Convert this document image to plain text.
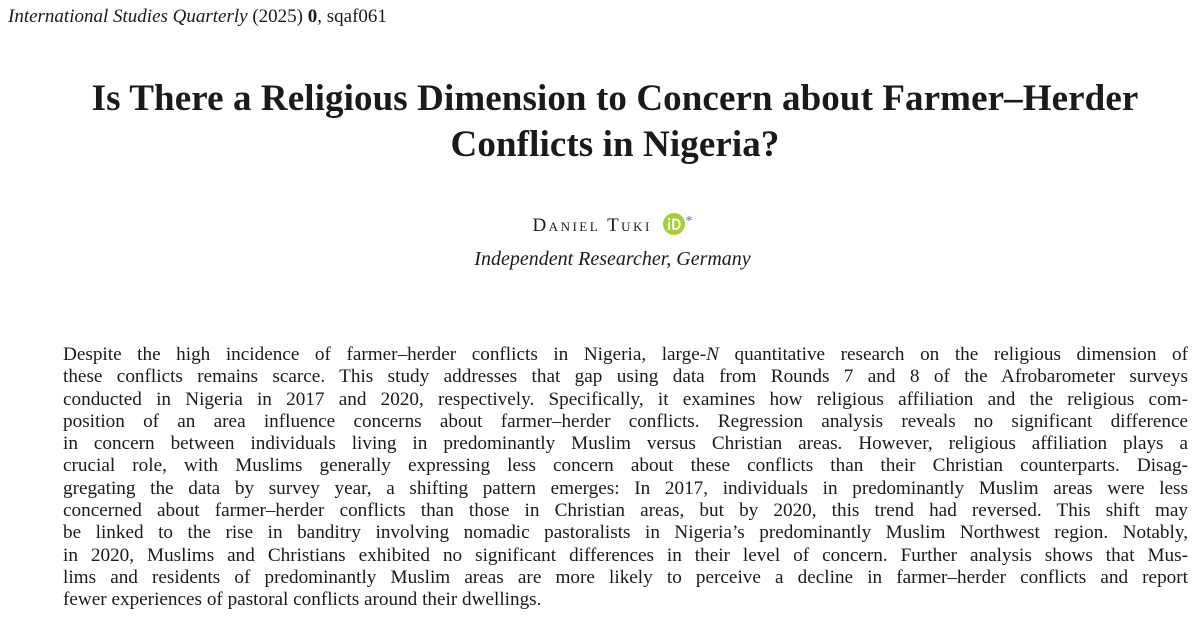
International Studies Quarterly (2025) 0, sqaf061
Is There a Religious Dimension to Concern about Farmer–Herder
Conflicts in Nigeria?
Daniel Tuki *
Independent Researcher, Germany
Despite the high incidence of farmer–herder conflicts in Nigeria, large-N quantitative research on the religious dimension of
these conflicts remains scarce. This study addresses that gap using data from Rounds 7 and 8 of the Afrobarometer surveys
conducted in Nigeria in 2017 and 2020, respectively. Specifically, it examines how religious affiliation and the religious com-
position of an area influence concerns about farmer–herder conflicts. Regression analysis reveals no significant difference
in concern between individuals living in predominantly Muslim versus Christian areas. However, religious affiliation plays a
crucial role, with Muslims generally expressing less concern about these conflicts than their Christian counterparts. Disag-
gregating the data by survey year, a shifting pattern emerges: In 2017, individuals in predominantly Muslim areas were less
concerned about farmer–herder conflicts than those in Christian areas, but by 2020, this trend had reversed. This shift may
be linked to the rise in banditry involving nomadic pastoralists in Nigeria’s predominantly Muslim Northwest region. Notably,
in 2020, Muslims and Christians exhibited no significant differences in their level of concern. Further analysis shows that Mus-
lims and residents of predominantly Muslim areas are more likely to perceive a decline in farmer–herder conflicts and report
fewer experiences of pastoral conflicts around their dwellings.
